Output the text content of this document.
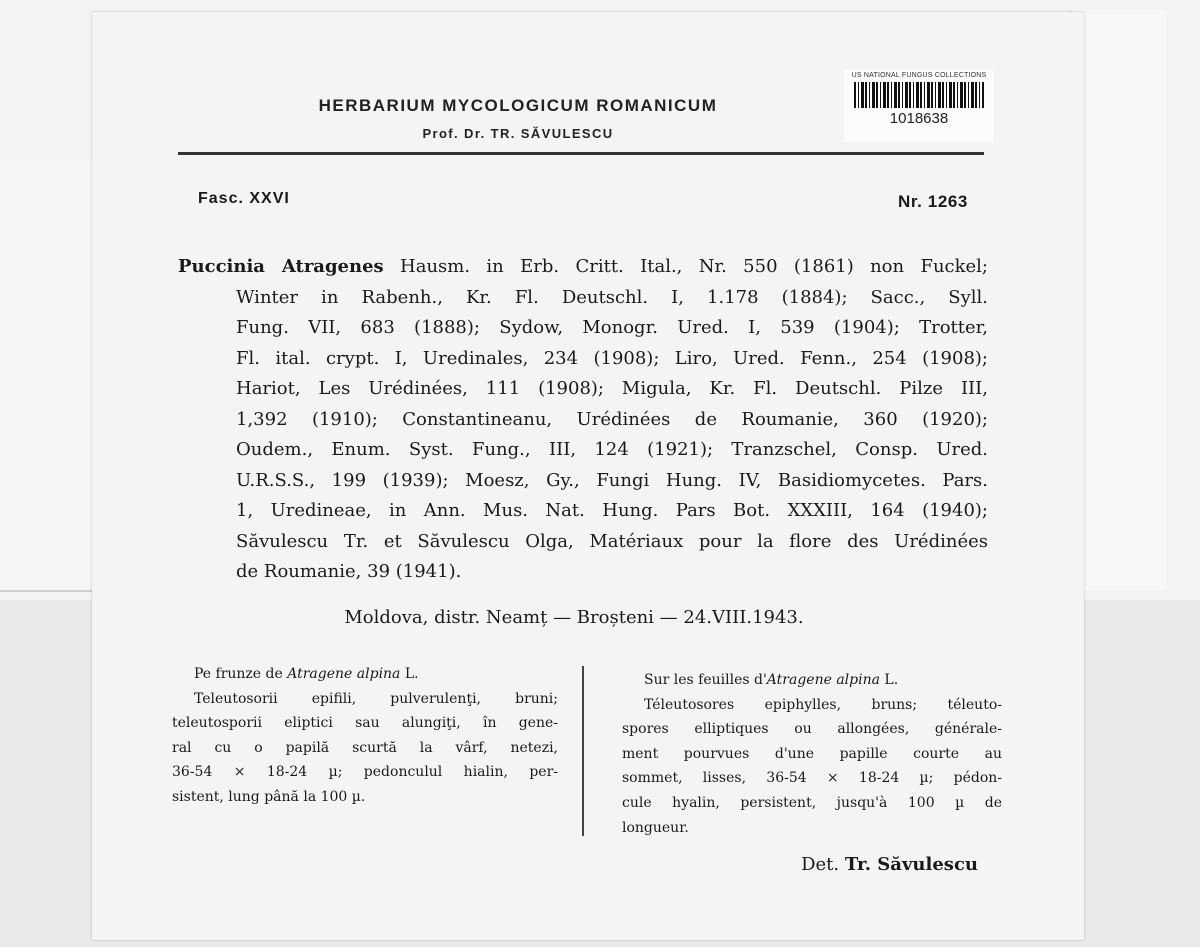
HERBARIUM MYCOLOGICUM ROMANICUM
Prof. Dr. TR. SĂVULESCU
US NATIONAL FUNGUS COLLECTIONS
1018638
Fasc. XXVI	Nr. 1263
Puccinia Atragenes Hausm. in Erb. Critt. Ital., Nr. 550 (1861) non Fuckel;
Winter in Rabenh., Kr. Fl. Deutschl. I, 1.178 (1884); Sacc., Syll.
Fung. VII, 683 (1888); Sydow, Monogr. Ured. I, 539 (1904); Trotter,
Fl. ital. crypt. I, Uredinales, 234 (1908); Liro, Ured. Fenn., 254 (1908);
Hariot, Les Urédinées, 111 (1908); Migula, Kr. Fl. Deutschl. Pilze III,
1,392 (1910); Constantineanu, Urédinées de Roumanie, 360 (1920);
Oudem., Enum. Syst. Fung., III, 124 (1921); Tranzschel, Consp. Ured.
U.R.S.S., 199 (1939); Moesz, Gy., Fungi Hung. IV, Basidiomycetes. Pars.
1, Uredineae, in Ann. Mus. Nat. Hung. Pars Bot. XXXIII, 164 (1940);
Săvulescu Tr. et Săvulescu Olga, Matériaux pour la flore des Urédinées
de Roumanie, 39 (1941).
Moldova, distr. Neamț — Broșteni — 24.VIII.1943.
Pe frunze de Atragene alpina L.
Teleutosorii epifili, pulverulenţi, bruni;
teleutosporii eliptici sau alungiţi, în gene-
ral cu o papilă scurtă la vârf, netezi,
36-54 × 18-24 µ; pedonculul hialin, per-
sistent, lung până la 100 µ.
Sur les feuilles d'Atragene alpina L.
Téleutosores epiphylles, bruns; téleuto-
spores elliptiques ou allongées, générale-
ment pourvues d'une papille courte au
sommet, lisses, 36-54 × 18-24 µ; pédon-
cule hyalin, persistent, jusqu'à 100 µ de
longueur.
Det. Tr. Săvulescu
